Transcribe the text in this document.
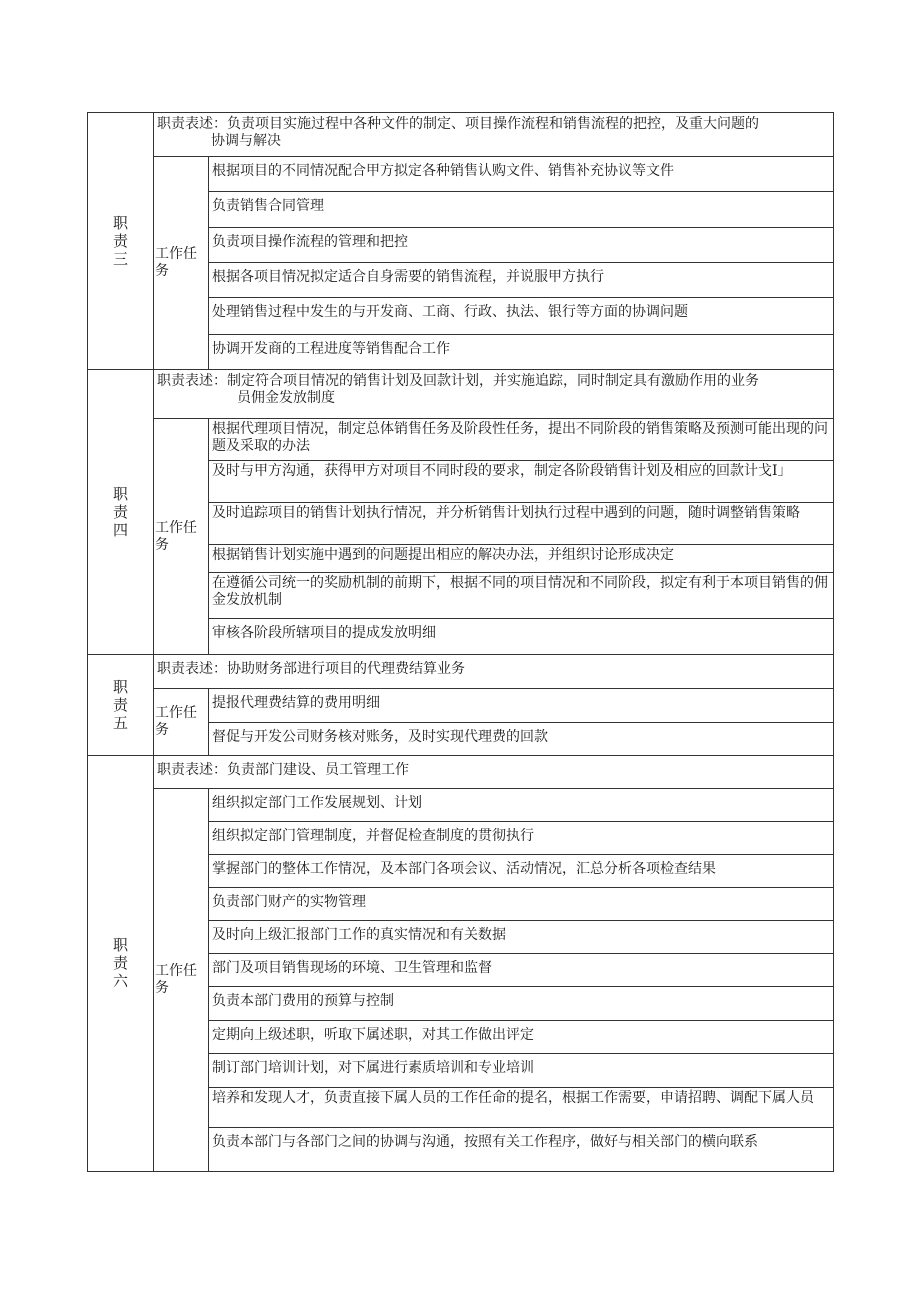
职责三	职责表述：负责项目实施过程中各种文件的制定、项目操作流程和销售流程的把控，及重大问题的
协调与解决	

	工作任务	根据项目的不同情况配合甲方拟定各种销售认购文件、销售补充协议等文件
		负责销售合同管理
		负责项目操作流程的管理和把控
		根据各项目情况拟定适合自身需要的销售流程，并说服甲方执行
		处理销售过程中发生的与开发商、工商、行政、执法、银行等方面的协调问题
		协调开发商的工程进度等销售配合工作
职责四	职责表述：制定符合项目情况的销售计划及回款计划，并实施追踪，同时制定具有激励作用的业务
员佣金发放制度	

	工作任务	根据代理项目情况，制定总体销售任务及阶段性任务，提出不同阶段的销售策略及预测可能出现的问题及采取的办法
		及时与甲方沟通，获得甲方对项目不同时段的要求，制定各阶段销售计划及相应的回款计戈Ⅰ」
		及时追踪项目的销售计划执行情况，并分析销售计划执行过程中遇到的问题，随时调整销售策略
		根据销售计划实施中遇到的问题提出相应的解决办法，并组织讨论形成决定
		在遵循公司统一的奖励机制的前期下，根据不同的项目情况和不同阶段，拟定有利于本项目销售的佣金发放机制
		审核各阶段所辖项目的提成发放明细
职责五	职责表述：协助财务部进行项目的代理费结算业务	
	工作任务	提报代理费结算的费用明细
		督促与开发公司财务核对账务，及时实现代理费的回款
职责六	职责表述：负责部门建设、员工管理工作	
	工作任务	组织拟定部门工作发展规划、计划
		组织拟定部门管理制度，并督促检查制度的贯彻执行
		掌握部门的整体工作情况，及本部门各项会议、活动情况，汇总分析各项检查结果
		负责部门财产的实物管理
		及时向上级汇报部门工作的真实情况和有关数据
		部门及项目销售现场的环境、卫生管理和监督
		负责本部门费用的预算与控制
		定期向上级述职，听取下属述职，对其工作做出评定
		制订部门培训计划，对下属进行素质培训和专业培训
		培养和发现人才，负责直接下属人员的工作任命的提名，根据工作需要，申请招聘、调配下属人员
		负责本部门与各部门之间的协调与沟通，按照有关工作程序，做好与相关部门的横向联系
